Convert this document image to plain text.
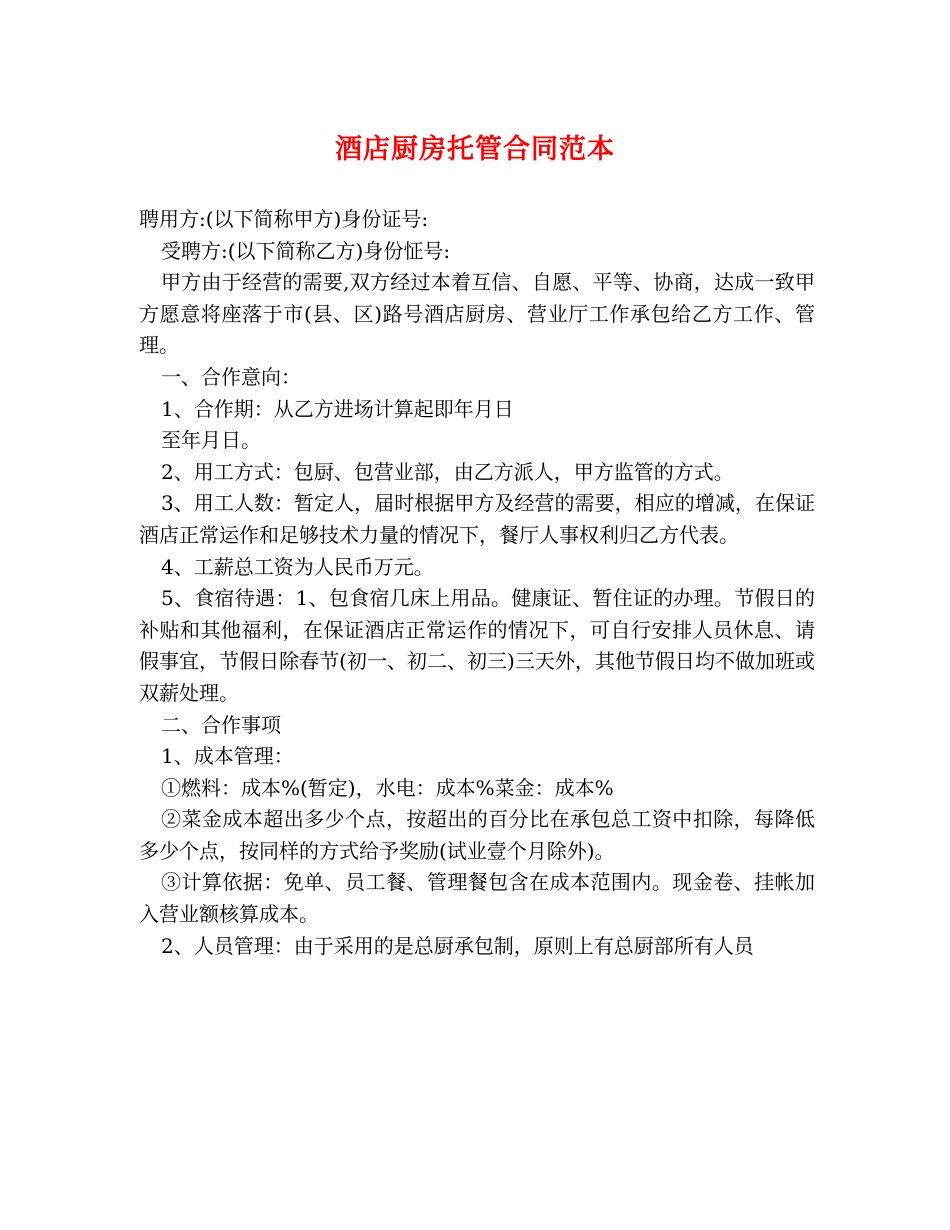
酒店厨房托管合同范本

聘用方:(以下简称甲方)身份证号:

受聘方:(以下简称乙方)身份怔号:

甲方由于经营的需要,双方经过本着互信、自愿、平等、协商，达成一致甲方愿意将座落于市(县、区)路号酒店厨房、营业厅工作承包给乙方工作、管理。

一、合作意向：

1、合作期：从乙方进场计算起即年月日

至年月日。

2、用工方式：包厨、包营业部，由乙方派人，甲方监管的方式。

3、用工人数：暂定人，届时根据甲方及经营的需要，相应的增减，在保证酒店正常运作和足够技术力量的情况下，餐厅人事权利归乙方代表。

4、工薪总工资为人民币万元。

5、食宿待遇：1、包食宿几床上用品。健康证、暂住证的办理。节假日的补贴和其他福利，在保证酒店正常运作的情况下，可自行安排人员休息、请假事宜，节假日除春节(初一、初二、初三)三天外，其他节假日均不做加班或双薪处理。

二、合作事项

1、成本管理：

①燃料：成本%(暂定)，水电：成本%菜金：成本%

②菜金成本超出多少个点，按超出的百分比在承包总工资中扣除，每降低多少个点，按同样的方式给予奖励(试业壹个月除外)。

③计算依据：免单、员工餐、管理餐包含在成本范围内。现金卷、挂帐加入营业额核算成本。

2、人员管理：由于采用的是总厨承包制，原则上有总厨部所有人员
